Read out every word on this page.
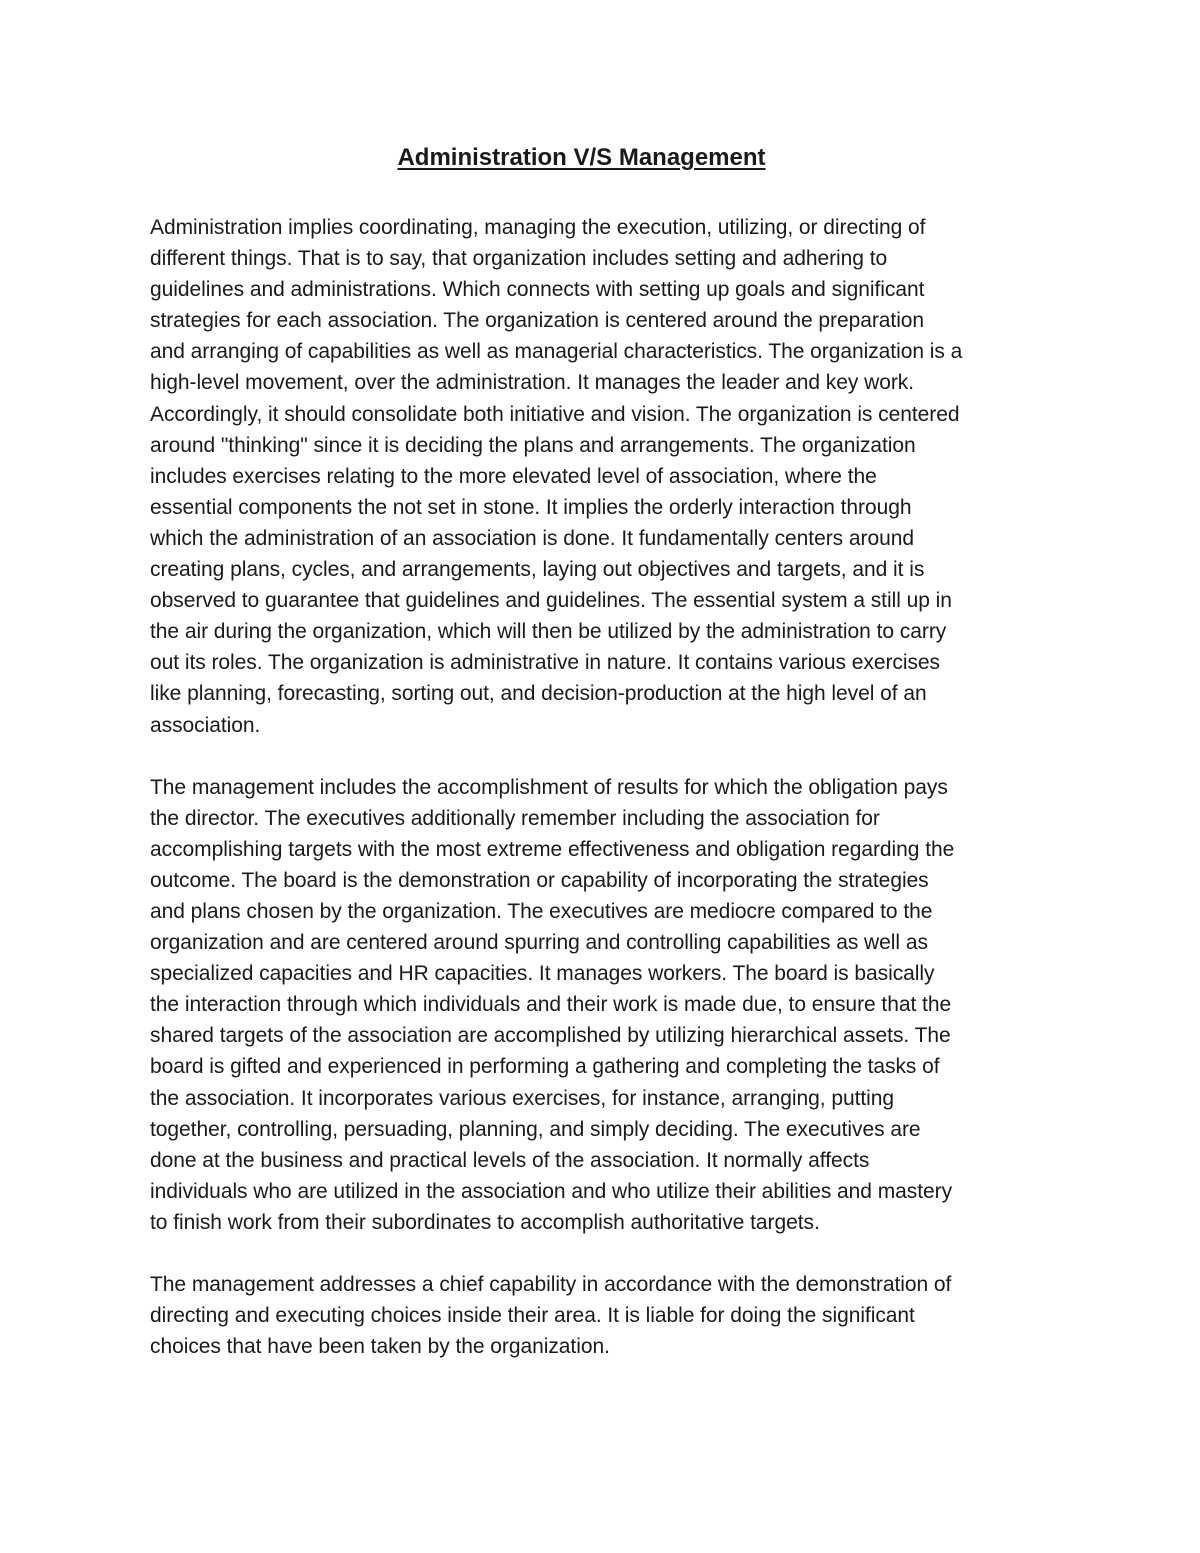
Administration V/S Management

Administration implies coordinating, managing the execution, utilizing, or directing of
different things. That is to say, that organization includes setting and adhering to
guidelines and administrations. Which connects with setting up goals and significant
strategies for each association. The organization is centered around the preparation
and arranging of capabilities as well as managerial characteristics. The organization is a
high-level movement, over the administration. It manages the leader and key work.
Accordingly, it should consolidate both initiative and vision. The organization is centered
around "thinking" since it is deciding the plans and arrangements. The organization
includes exercises relating to the more elevated level of association, where the
essential components the not set in stone. It implies the orderly interaction through
which the administration of an association is done. It fundamentally centers around
creating plans, cycles, and arrangements, laying out objectives and targets, and it is
observed to guarantee that guidelines and guidelines. The essential system a still up in
the air during the organization, which will then be utilized by the administration to carry
out its roles. The organization is administrative in nature. It contains various exercises
like planning, forecasting, sorting out, and decision-production at the high level of an
association.

The management includes the accomplishment of results for which the obligation pays
the director. The executives additionally remember including the association for
accomplishing targets with the most extreme effectiveness and obligation regarding the
outcome. The board is the demonstration or capability of incorporating the strategies
and plans chosen by the organization. The executives are mediocre compared to the
organization and are centered around spurring and controlling capabilities as well as
specialized capacities and HR capacities. It manages workers. The board is basically
the interaction through which individuals and their work is made due, to ensure that the
shared targets of the association are accomplished by utilizing hierarchical assets. The
board is gifted and experienced in performing a gathering and completing the tasks of
the association. It incorporates various exercises, for instance, arranging, putting
together, controlling, persuading, planning, and simply deciding. The executives are
done at the business and practical levels of the association. It normally affects
individuals who are utilized in the association and who utilize their abilities and mastery
to finish work from their subordinates to accomplish authoritative targets.

The management addresses a chief capability in accordance with the demonstration of
directing and executing choices inside their area. It is liable for doing the significant
choices that have been taken by the organization.
